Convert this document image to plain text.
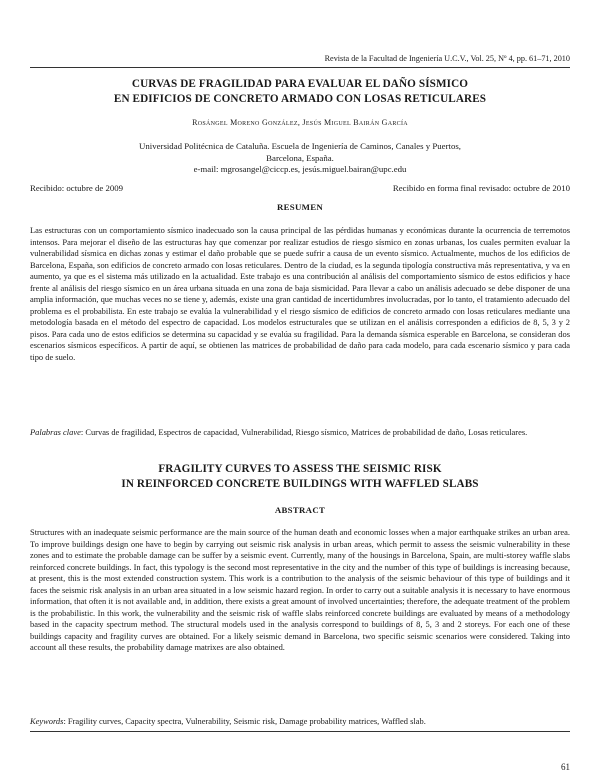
Revista de la Facultad de Ingeniería U.C.V., Vol. 25, Nº 4, pp. 61–71, 2010
CURVAS DE FRAGILIDAD PARA EVALUAR EL DAÑO SÍSMICO
EN EDIFICIOS DE CONCRETO ARMADO CON LOSAS RETICULARES
Rosángel Moreno González, Jesús Miguel Bairán García
Universidad Politécnica de Cataluña. Escuela de Ingeniería de Caminos, Canales y Puertos,
Barcelona, España.
e-mail: mgrosangel@ciccp.es, jesús.miguel.bairan@upc.edu
Recibido: octubre de 2009	Recibido en forma final revisado: octubre de 2010
RESUMEN
Las estructuras con un comportamiento sísmico inadecuado son la causa principal de las pérdidas humanas y económicas durante la ocurrencia de terremotos intensos. Para mejorar el diseño de las estructuras hay que comenzar por realizar estudios de riesgo sísmico en zonas urbanas, los cuales permiten evaluar la vulnerabilidad sísmica en dichas zonas y estimar el daño probable que se puede sufrir a causa de un evento sísmico. Actualmente, muchos de los edificios de Barcelona, España, son edificios de concreto armado con losas reticulares. Dentro de la ciudad, es la segunda tipología constructiva más representativa, y va en aumento, ya que es el sistema más utilizado en la actualidad. Este trabajo es una contribución al análisis del comportamiento sísmico de estos edificios y hace frente al análisis del riesgo sísmico en un área urbana situada en una zona de baja sismicidad. Para llevar a cabo un análisis adecuado se debe disponer de una amplia información, que muchas veces no se tiene y, además, existe una gran cantidad de incertidumbres involucradas, por lo tanto, el tratamiento adecuado del problema es el probabilista. En este trabajo se evalúa la vulnerabilidad y el riesgo sísmico de edificios de concreto armado con losas reticulares mediante una metodología basada en el método del espectro de capacidad. Los modelos estructurales que se utilizan en el análisis corresponden a edificios de 8, 5, 3 y 2 pisos. Para cada uno de estos edificios se determina su capacidad y se evalúa su fragilidad. Para la demanda sísmica esperable en Barcelona, se consideran dos escenarios sísmicos específicos. A partir de aquí, se obtienen las matrices de probabilidad de daño para cada modelo, para cada escenario sísmico y para cada tipo de suelo.
Palabras clave: Curvas de fragilidad, Espectros de capacidad, Vulnerabilidad, Riesgo sísmico, Matrices de probabilidad de daño, Losas reticulares.
FRAGILITY CURVES TO ASSESS THE SEISMIC RISK
IN REINFORCED CONCRETE BUILDINGS WITH WAFFLED SLABS
ABSTRACT
Structures with an inadequate seismic performance are the main source of the human death and economic losses when a major earthquake strikes an urban area. To improve buildings design one have to begin by carrying out seismic risk analysis in urban areas, which permit to assess the seismic vulnerability in these zones and to estimate the probable damage can be suffer by a seismic event. Currently, many of the housings in Barcelona, Spain, are multi-storey waffle slabs reinforced concrete buildings. In fact, this typology is the second most representative in the city and the number of this type of buildings is increasing because, at present, this is the most extended construction system. This work is a contribution to the analysis of the seismic behaviour of this type of buildings and it faces the seismic risk analysis in an urban area situated in a low seismic hazard region. In order to carry out a suitable analysis it is necessary to have enormous information, that often it is not available and, in addition, there exists a great amount of involved uncertainties; therefore, the adequate treatment of the problem is the probabilistic. In this work, the vulnerability and the seismic risk of waffle slabs reinforced concrete buildings are evaluated by means of a methodology based in the capacity spectrum method. The structural models used in the analysis correspond to buildings of 8, 5, 3 and 2 storeys. For each one of these buildings capacity and fragility curves are obtained. For a likely seismic demand in Barcelona, two specific seismic scenarios were considered. Taking into account all these results, the probability damage matrixes are also obtained.
Keywords: Fragility curves, Capacity spectra, Vulnerability, Seismic risk, Damage probability matrices, Waffled slab.
61
